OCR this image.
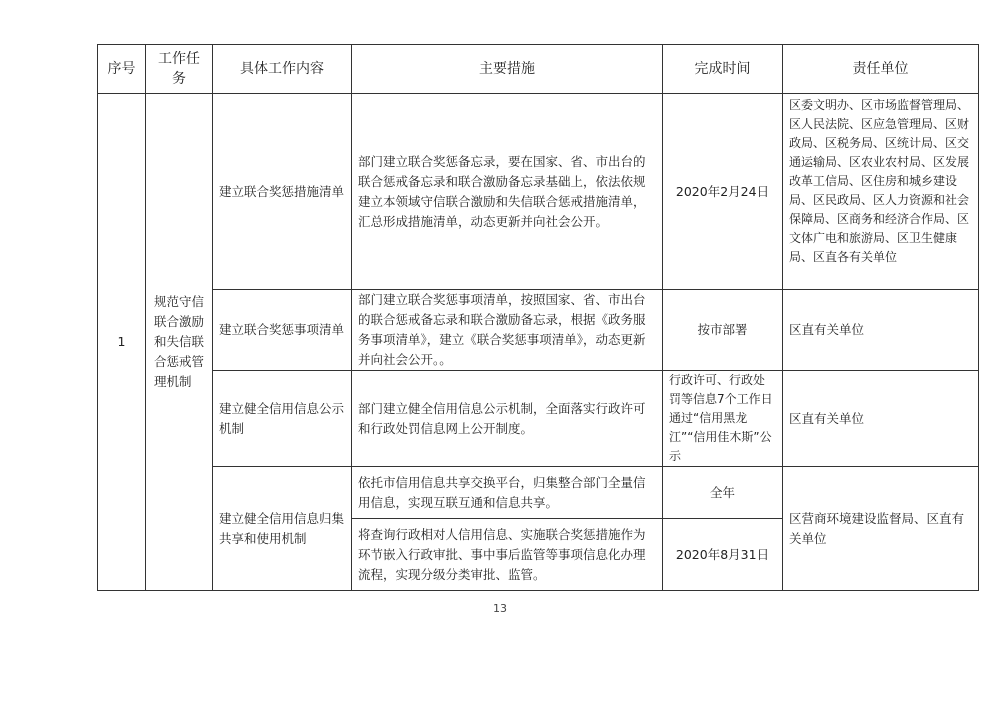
序号	工作任务	具体工作内容	主要措施	完成时间	责任单位
1	规范守信联合激励和失信联合惩戒管理机制	建立联合奖惩措施清单	部门建立联合奖惩备忘录，要在国家、省、市出台的联合惩戒备忘录和联合激励备忘录基础上，依法依规建立本领域守信联合激励和失信联合惩戒措施清单，汇总形成措施清单，动态更新并向社会公开。	2020年2月24日	区委文明办、区市场监督管理局、区人民法院、区应急管理局、区财政局、区税务局、区统计局、区交通运输局、区农业农村局、区发展改革工信局、区住房和城乡建设局、区民政局、区人力资源和社会保障局、区商务和经济合作局、区文体广电和旅游局、区卫生健康局、区直各有关单位
		建立联合奖惩事项清单	部门建立联合奖惩事项清单，按照国家、省、市出台的联合惩戒备忘录和联合激励备忘录，根据《政务服务事项清单》，建立《联合奖惩事项清单》，动态更新并向社会公开。。	按市部署	区直有关单位
		建立健全信用信息公示机制	部门建立健全信用信息公示机制，全面落实行政许可和行政处罚信息网上公开制度。	行政许可、行政处罚等信息7个工作日通过“信用黑龙江”“信用佳木斯”公示	区直有关单位
		建立健全信用信息归集共享和使用机制	依托市信用信息共享交换平台，归集整合部门全量信用信息，实现互联互通和信息共享。	全年	区营商环境建设监督局、区直有关单位
			将查询行政相对人信用信息、实施联合奖惩措施作为环节嵌入行政审批、事中事后监管等事项信息化办理流程，实现分级分类审批、监管。	2020年8月31日	
13
